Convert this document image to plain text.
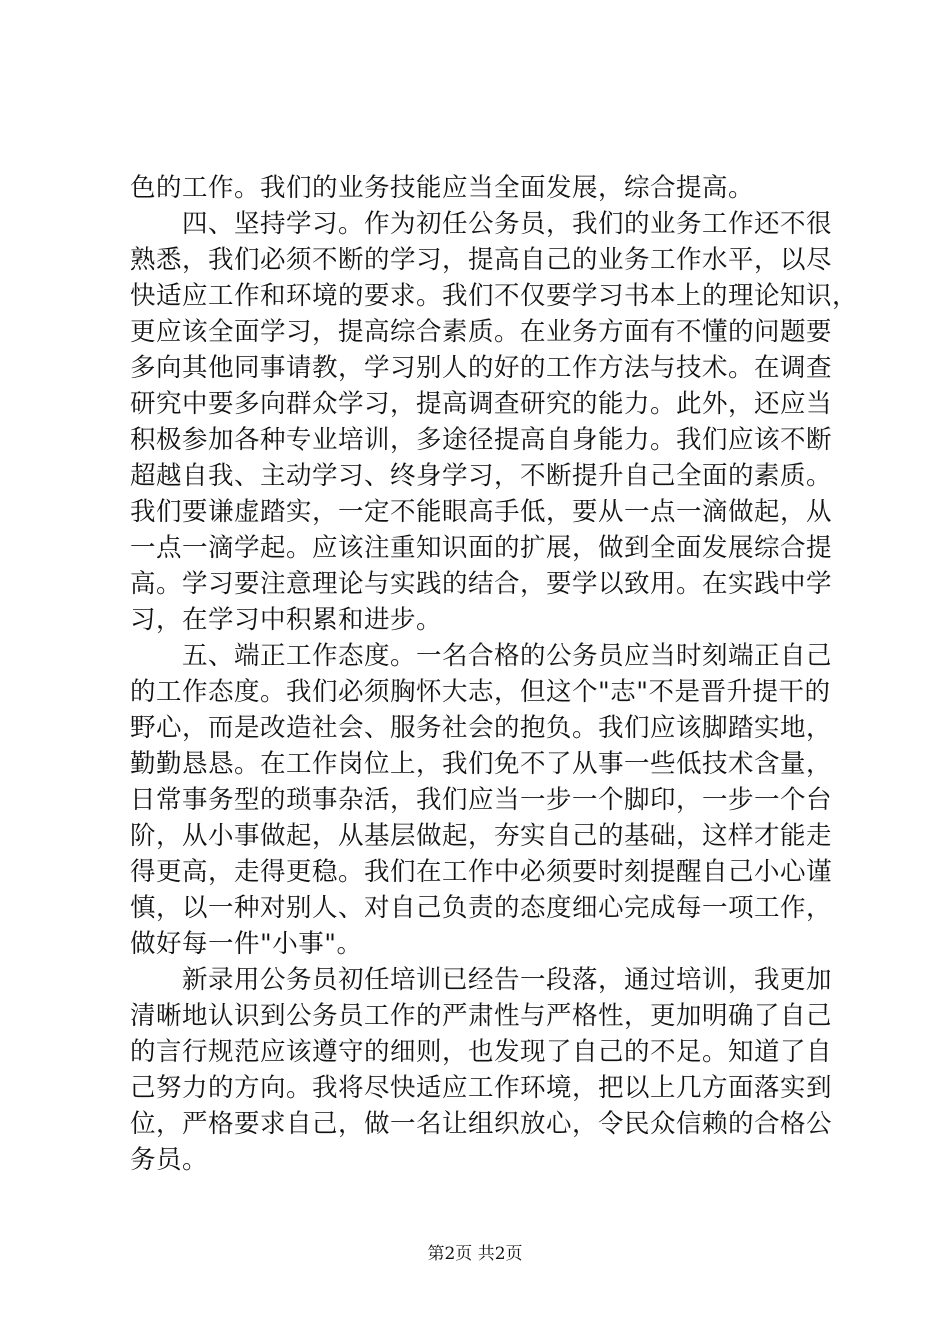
色的工作。我们的业务技能应当全面发展，综合提高。
　　四、坚持学习。作为初任公务员，我们的业务工作还不很
熟悉，我们必须不断的学习，提高自己的业务工作水平，以尽
快适应工作和环境的要求。我们不仅要学习书本上的理论知识，
更应该全面学习，提高综合素质。在业务方面有不懂的问题要
多向其他同事请教，学习别人的好的工作方法与技术。在调查
研究中要多向群众学习，提高调查研究的能力。此外，还应当
积极参加各种专业培训，多途径提高自身能力。我们应该不断
超越自我、主动学习、终身学习，不断提升自己全面的素质。
我们要谦虚踏实，一定不能眼高手低，要从一点一滴做起，从
一点一滴学起。应该注重知识面的扩展，做到全面发展综合提
高。学习要注意理论与实践的结合，要学以致用。在实践中学
习，在学习中积累和进步。
　　五、端正工作态度。一名合格的公务员应当时刻端正自己
的工作态度。我们必须胸怀大志，但这个"志"不是晋升提干的
野心，而是改造社会、服务社会的抱负。我们应该脚踏实地，
勤勤恳恳。在工作岗位上，我们免不了从事一些低技术含量，
日常事务型的琐事杂活，我们应当一步一个脚印，一步一个台
阶，从小事做起，从基层做起，夯实自己的基础，这样才能走
得更高，走得更稳。我们在工作中必须要时刻提醒自己小心谨
慎，以一种对别人、对自己负责的态度细心完成每一项工作，
做好每一件"小事"。
　　新录用公务员初任培训已经告一段落，通过培训，我更加
清晰地认识到公务员工作的严肃性与严格性，更加明确了自己
的言行规范应该遵守的细则，也发现了自己的不足。知道了自
己努力的方向。我将尽快适应工作环境，把以上几方面落实到
位，严格要求自己，做一名让组织放心，令民众信赖的合格公
务员。
第2页 共2页
